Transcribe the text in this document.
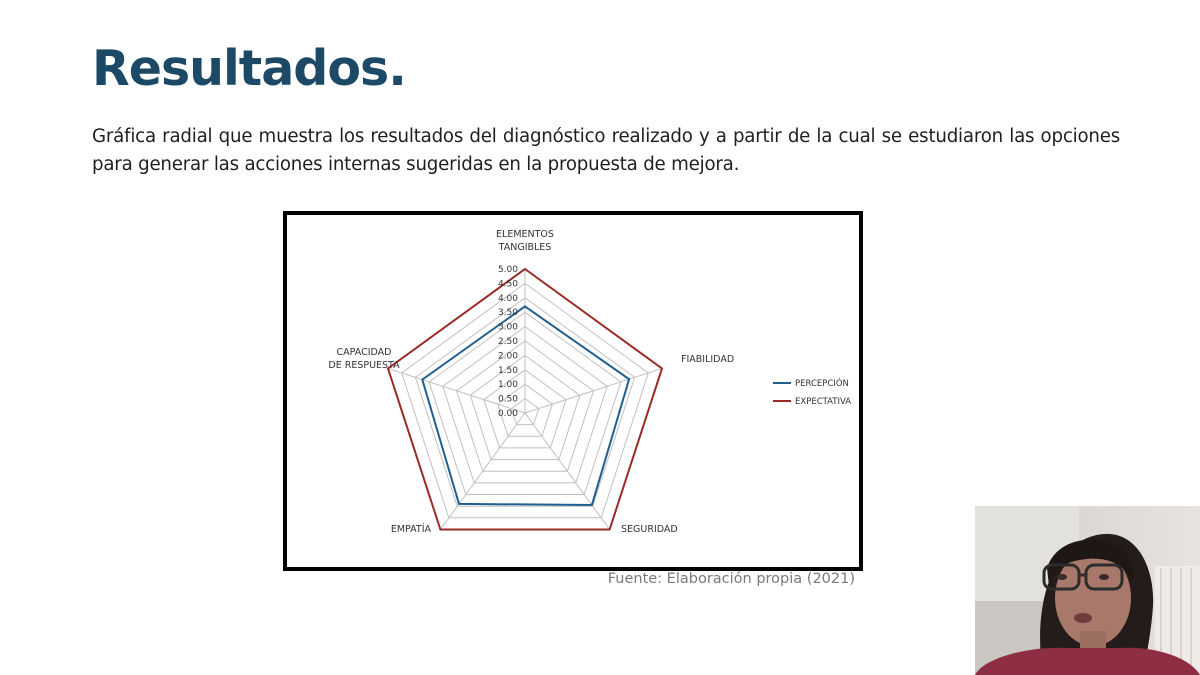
Resultados.

Gráfica radial que muestra los resultados del diagnóstico realizado y a partir de la cual se estudiaron las opciones para generar las acciones internas sugeridas en la propuesta de mejora.

0.00
0.50
1.00
1.50
2.00
2.50
3.00
3.50
4.00
4.50
5.00
ELEMENTOS
TANGIBLES
FIABILIDAD
SEGURIDAD
EMPATÍA
CAPACIDAD
DE RESPUESTA
PERCEPCIÓN
EXPECTATIVA

Fuente: Elaboración propia (2021)
